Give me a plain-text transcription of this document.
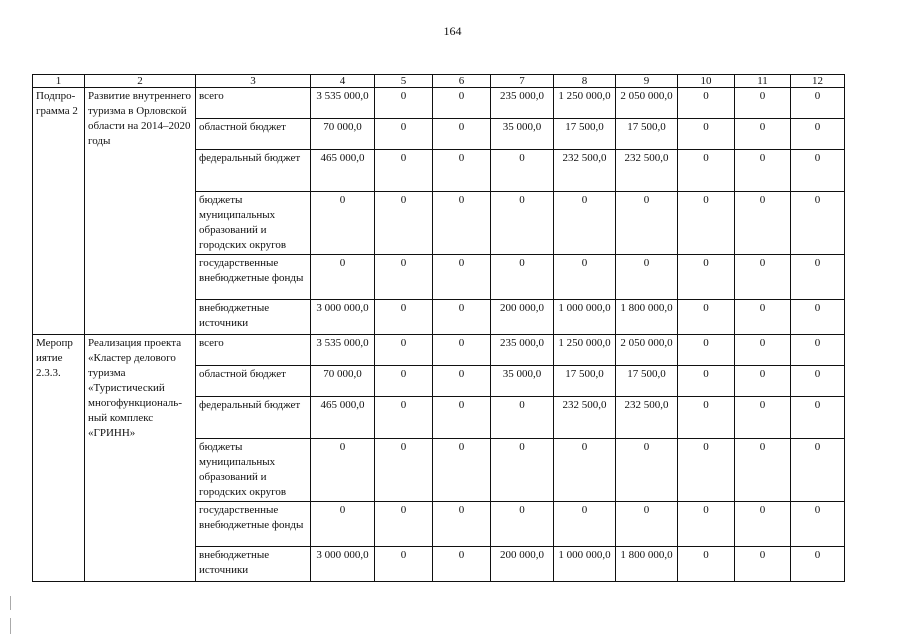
164
1	2	3	4	5	6	7	8	9	10	11	12
Подпро-грамма 2	Развитие внутреннего туризма в Орловской области на 2014–2020 годы	всего	3 535 000,0	0	0	235 000,0	1 250 000,0	2 050 000,0	0	0	0
		областной бюджет	70 000,0	0	0	35 000,0	17 500,0	17 500,0	0	0	0
		федеральный бюджет	465 000,0	0	0	0	232 500,0	232 500,0	0	0	0
		бюджеты муниципальных образований и городских округов	0	0	0	0	0	0	0	0	0
		государственные внебюджетные фонды	0	0	0	0	0	0	0	0	0
		внебюджетные источники	3 000 000,0	0	0	200 000,0	1 000 000,0	1 800 000,0	0	0	0
Меропр иятие 2.3.3.	Реализация проекта «Кластер делового туризма «Туристический многофункциональ-ный комплекс «ГРИНН»	всего	3 535 000,0	0	0	235 000,0	1 250 000,0	2 050 000,0	0	0	0
		областной бюджет	70 000,0	0	0	35 000,0	17 500,0	17 500,0	0	0	0
		федеральный бюджет	465 000,0	0	0	0	232 500,0	232 500,0	0	0	0
		бюджеты муниципальных образований и городских округов	0	0	0	0	0	0	0	0	0
		государственные внебюджетные фонды	0	0	0	0	0	0	0	0	0
		внебюджетные источники	3 000 000,0	0	0	200 000,0	1 000 000,0	1 800 000,0	0	0	0
